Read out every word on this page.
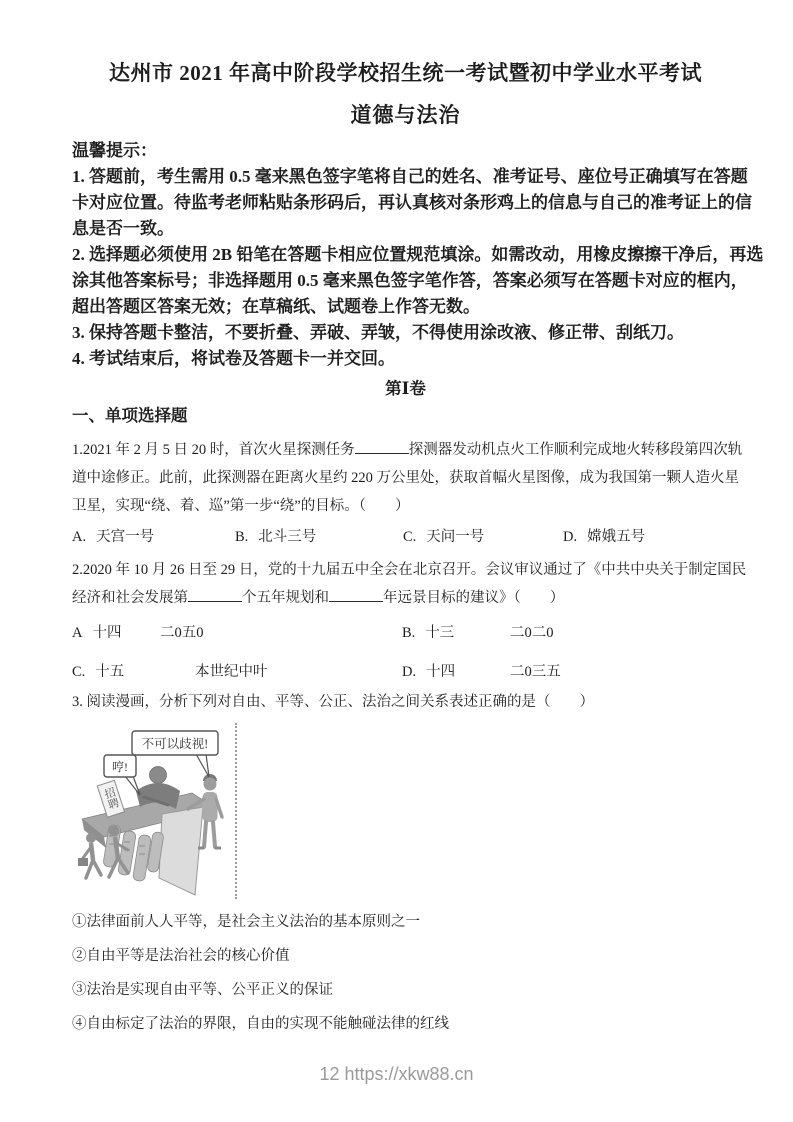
达州市 2021 年高中阶段学校招生统一考试暨初中学业水平考试
道德与法治
温馨提示：
1. 答题前，考生需用 0.5 毫来黑色签字笔将自己的姓名、准考证号、座位号正确填写在答题
卡对应位置。待监考老师粘贴条形码后，再认真核对条形鸡上的信息与自己的准考证上的信
息是否一致。
2. 选择题必须使用 2B 铅笔在答题卡相应位置规范填涂。如需改动，用橡皮擦擦干净后，再选
涂其他答案标号；非选择题用 0.5 毫来黑色签字笔作答，答案必须写在答题卡对应的框内，
超出答题区答案无效；在草稿纸、试题卷上作答无数。
3. 保持答题卡整洁，不要折叠、弄破、弄皱，不得使用涂改液、修正带、刮纸刀。
4. 考试结束后，将试卷及答题卡一并交回。
第Ⅰ卷
一、单项选择题
1.2021 年 2 月 5 日 20 时，首次火星探测任务	探测器发动机点火工作顺利完成地火转移段第四次轨
道中途修正。此前，此探测器在距离火星约 220 万公里处，获取首幅火星图像，成为我国第一颗人造火星
卫星，实现“绕、着、巡”第一步“绕”的目标。（　　）
A. 天宫一号	B. 北斗三号	C. 天问一号	D. 嫦娥五号
2.2020 年 10 月 26 日至 29 日，党的十九届五中全会在北京召开。会议审议通过了《中共中央关于制定国民
经济和社会发展第	个五年规划和	年远景目标的建议》（　　）
A 十四	二0五0	B. 十三	二0二0
C. 十五	本世纪中叶	D. 十四	二0三五
3. 阅读漫画，分析下列对自由、平等、公正、法治之间关系表述正确的是（　　）
招聘
不可以歧视!
哼!
①法律面前人人平等，是社会主义法治的基本原则之一
②自由平等是法治社会的核心价值
③法治是实现自由平等、公平正义的保证
④自由标定了法治的界限，自由的实现不能触碰法律的红线
12 https://xkw88.cn
